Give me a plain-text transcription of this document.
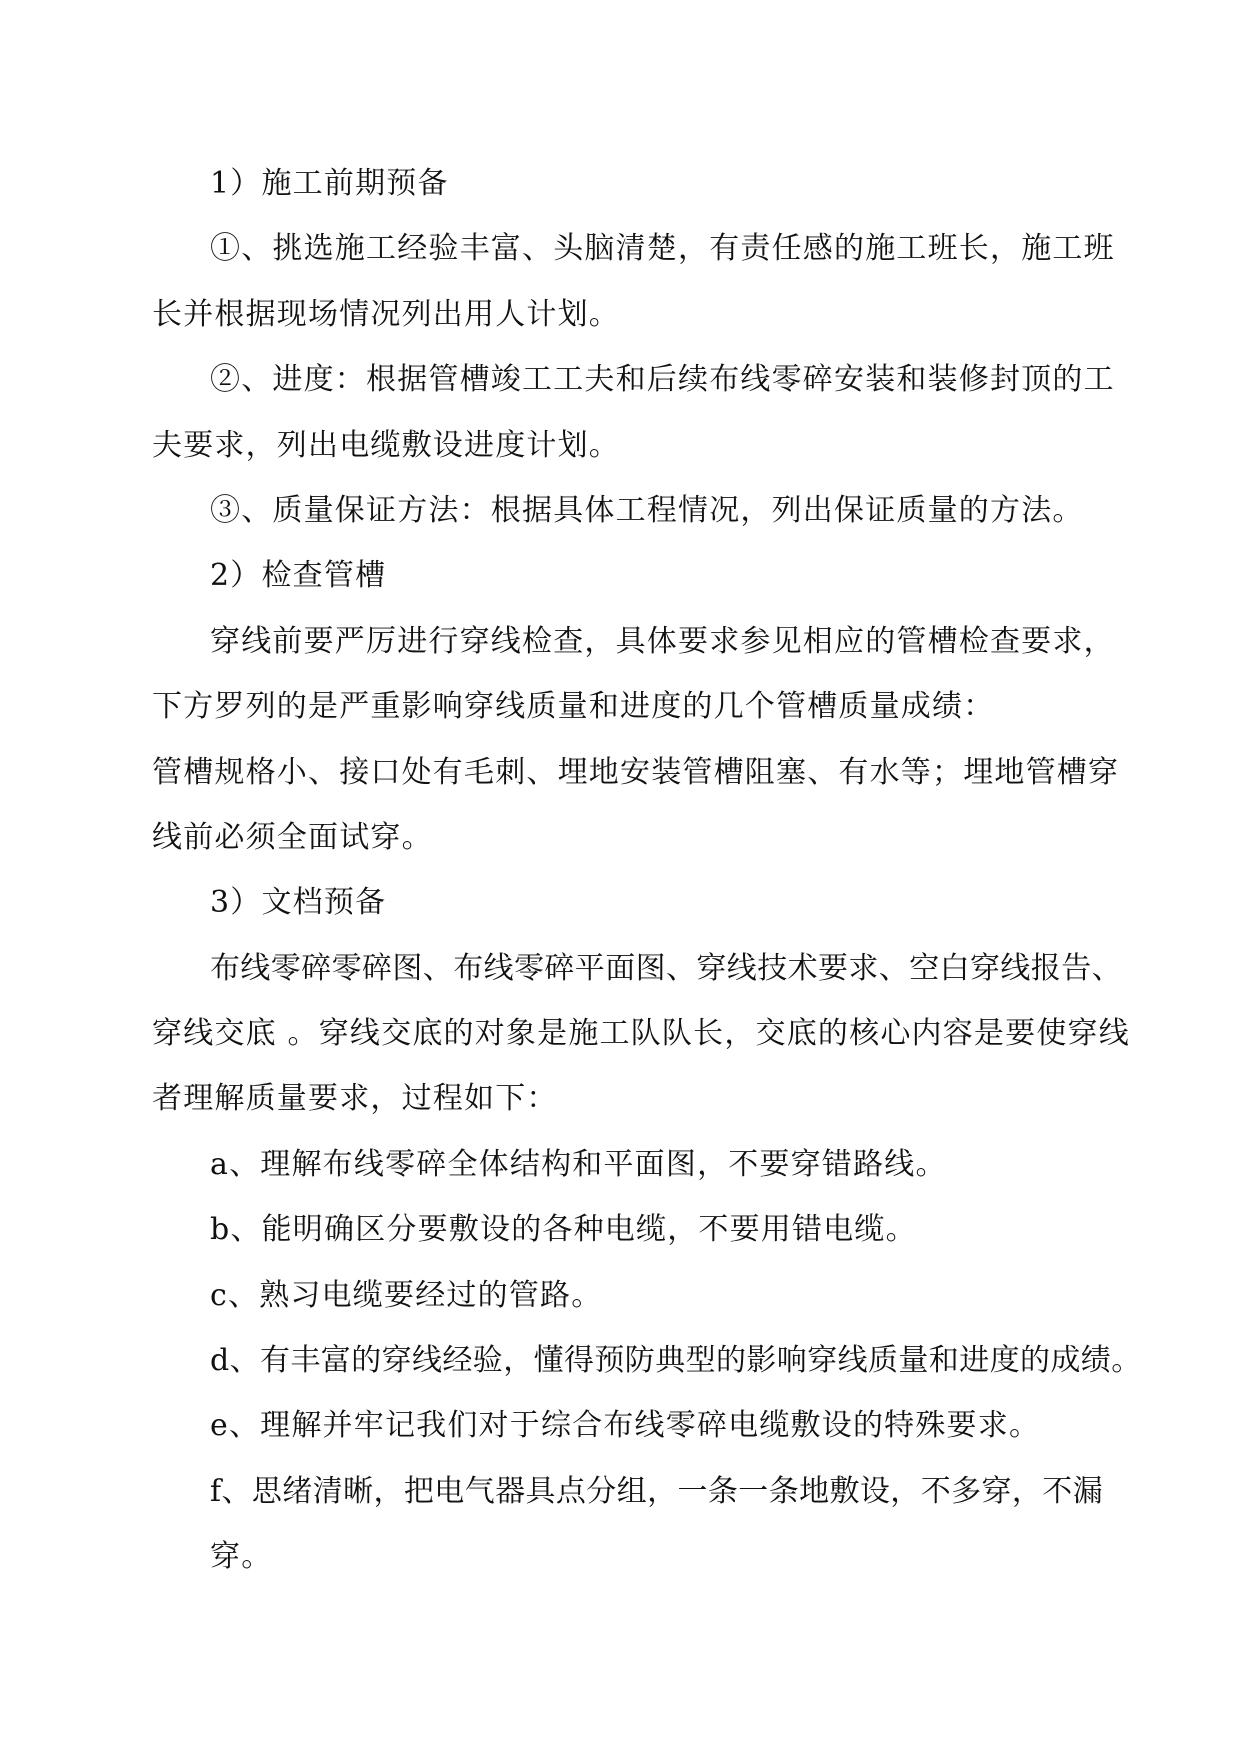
1）施工前期预备
①、挑选施工经验丰富、头脑清楚，有责任感的施工班长，施工班
长并根据现场情况列出用人计划。
②、进度：根据管槽竣工工夫和后续布线零碎安装和装修封顶的工
夫要求，列出电缆敷设进度计划。
③、质量保证方法：根据具体工程情况，列出保证质量的方法。
2）检查管槽
穿线前要严厉进行穿线检查，具体要求参见相应的管槽检查要求，
下方罗列的是严重影响穿线质量和进度的几个管槽质量成绩：
管槽规格小、接口处有毛刺、埋地安装管槽阻塞、有水等；埋地管槽穿
线前必须全面试穿。
3）文档预备
布线零碎零碎图、布线零碎平面图、穿线技术要求、空白穿线报告、
穿线交底 。穿线交底的对象是施工队队长，交底的核心内容是要使穿线
者理解质量要求，过程如下：
a、理解布线零碎全体结构和平面图，不要穿错路线。
b、能明确区分要敷设的各种电缆，不要用错电缆。
c、熟习电缆要经过的管路。
d、有丰富的穿线经验，懂得预防典型的影响穿线质量和进度的成绩。
e、理解并牢记我们对于综合布线零碎电缆敷设的特殊要求。
f、思绪清晰，把电气器具点分组，一条一条地敷设，不多穿，不漏
穿。
